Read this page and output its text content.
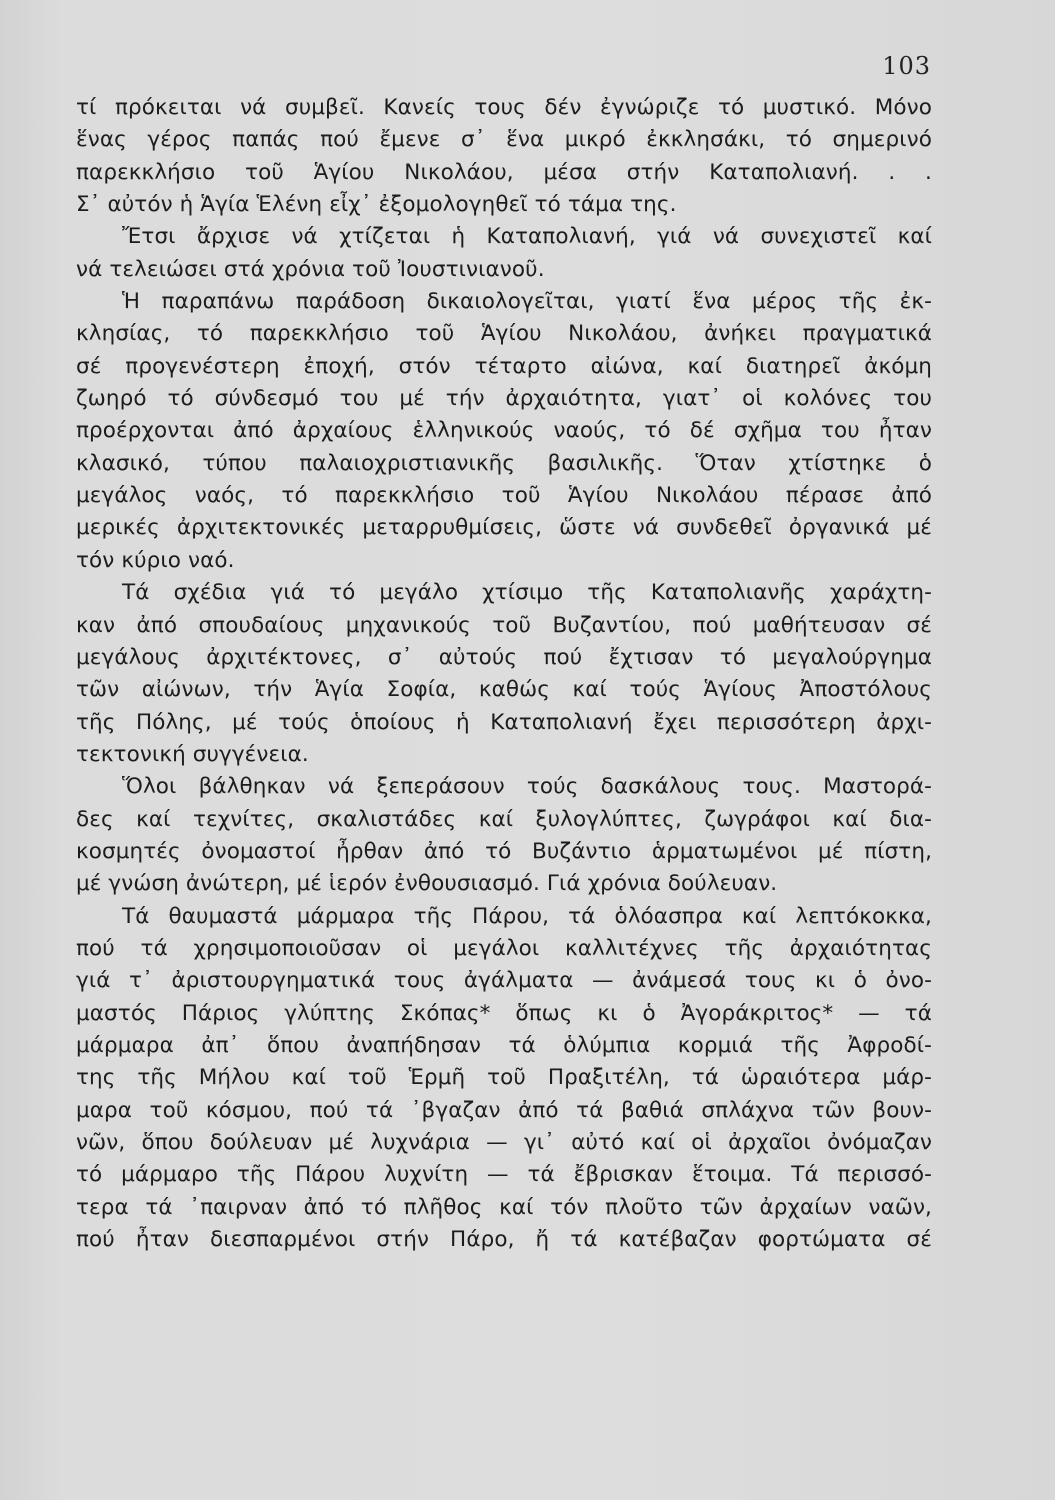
103
τί πρόκειται νά συμβεῖ. Κανείς τους δέν ἐγνώριζε τό μυστικό. Μόνο
ἕνας γέρος παπάς πού ἔμενε σ᾽ ἕνα μικρό ἐκκλησάκι, τό σημερινό
παρεκκλήσιο τοῦ Ἁγίου Νικολάου, μέσα στήν Καταπολιανή. . .
Σ᾽ αὐτόν ἡ Ἁγία Ἑλένη εἶχ᾽ ἐξομολογηθεῖ τό τάμα της.
Ἔτσι ἄρχισε νά χτίζεται ἡ Καταπολιανή, γιά νά συνεχιστεῖ καί
νά τελειώσει στά χρόνια τοῦ Ἰουστινιανοῦ.
Ἡ παραπάνω παράδοση δικαιολογεῖται, γιατί ἕνα μέρος τῆς ἐκ-
κλησίας, τό παρεκκλήσιο τοῦ Ἁγίου Νικολάου, ἀνήκει πραγματικά
σέ προγενέστερη ἐποχή, στόν τέταρτο αἰώνα, καί διατηρεῖ ἀκόμη
ζωηρό τό σύνδεσμό του μέ τήν ἀρχαιότητα, γιατ᾽ οἱ κολόνες του
προέρχονται ἀπό ἀρχαίους ἑλληνικούς ναούς, τό δέ σχῆμα του ἦταν
κλασικό, τύπου παλαιοχριστιανικῆς βασιλικῆς. Ὅταν χτίστηκε ὁ
μεγάλος ναός, τό παρεκκλήσιο τοῦ Ἁγίου Νικολάου πέρασε ἀπό
μερικές ἀρχιτεκτονικές μεταρρυθμίσεις, ὥστε νά συνδεθεῖ ὀργανικά μέ
τόν κύριο ναό.
Τά σχέδια γιά τό μεγάλο χτίσιμο τῆς Καταπολιανῆς χαράχτη-
καν ἀπό σπουδαίους μηχανικούς τοῦ Βυζαντίου, πού μαθήτευσαν σέ
μεγάλους ἀρχιτέκτονες, σ᾽ αὐτούς πού ἔχτισαν τό μεγαλούργημα
τῶν αἰώνων, τήν Ἁγία Σοφία, καθώς καί τούς Ἁγίους Ἀποστόλους
τῆς Πόλης, μέ τούς ὁποίους ἡ Καταπολιανή ἔχει περισσότερη ἀρχι-
τεκτονική συγγένεια.
Ὅλοι βάλθηκαν νά ξεπεράσουν τούς δασκάλους τους. Μαστορά-
δες καί τεχνίτες, σκαλιστάδες καί ξυλογλύπτες, ζωγράφοι καί δια-
κοσμητές ὀνομαστοί ἦρθαν ἀπό τό Βυζάντιο ἁρματωμένοι μέ πίστη,
μέ γνώση ἀνώτερη, μέ ἱερόν ἐνθουσιασμό. Γιά χρόνια δούλευαν.
Τά θαυμαστά μάρμαρα τῆς Πάρου, τά ὁλόασπρα καί λεπτόκοκκα,
πού τά χρησιμοποιοῦσαν οἱ μεγάλοι καλλιτέχνες τῆς ἀρχαιότητας
γιά τ᾽ ἀριστουργηματικά τους ἀγάλματα — ἀνάμεσά τους κι ὁ ὀνο-
μαστός Πάριος γλύπτης Σκόπας* ὅπως κι ὁ Ἀγοράκριτος* — τά
μάρμαρα ἀπ᾽ ὅπου ἀναπήδησαν τά ὁλύμπια κορμιά τῆς Ἀφροδί-
της τῆς Μήλου καί τοῦ Ἑρμῆ τοῦ Πραξιτέλη, τά ὡραιότερα μάρ-
μαρα τοῦ κόσμου, πού τά ᾽βγαζαν ἀπό τά βαθιά σπλάχνα τῶν βουν-
νῶν, ὅπου δούλευαν μέ λυχνάρια — γι᾽ αὐτό καί οἱ ἀρχαῖοι ὀνόμαζαν
τό μάρμαρο τῆς Πάρου λυχνίτη — τά ἔβρισκαν ἕτοιμα. Τά περισσό-
τερα τά ᾽παιρναν ἀπό τό πλῆθος καί τόν πλοῦτο τῶν ἀρχαίων ναῶν,
πού ἦταν διεσπαρμένοι στήν Πάρο, ἤ τά κατέβαζαν φορτώματα σέ
